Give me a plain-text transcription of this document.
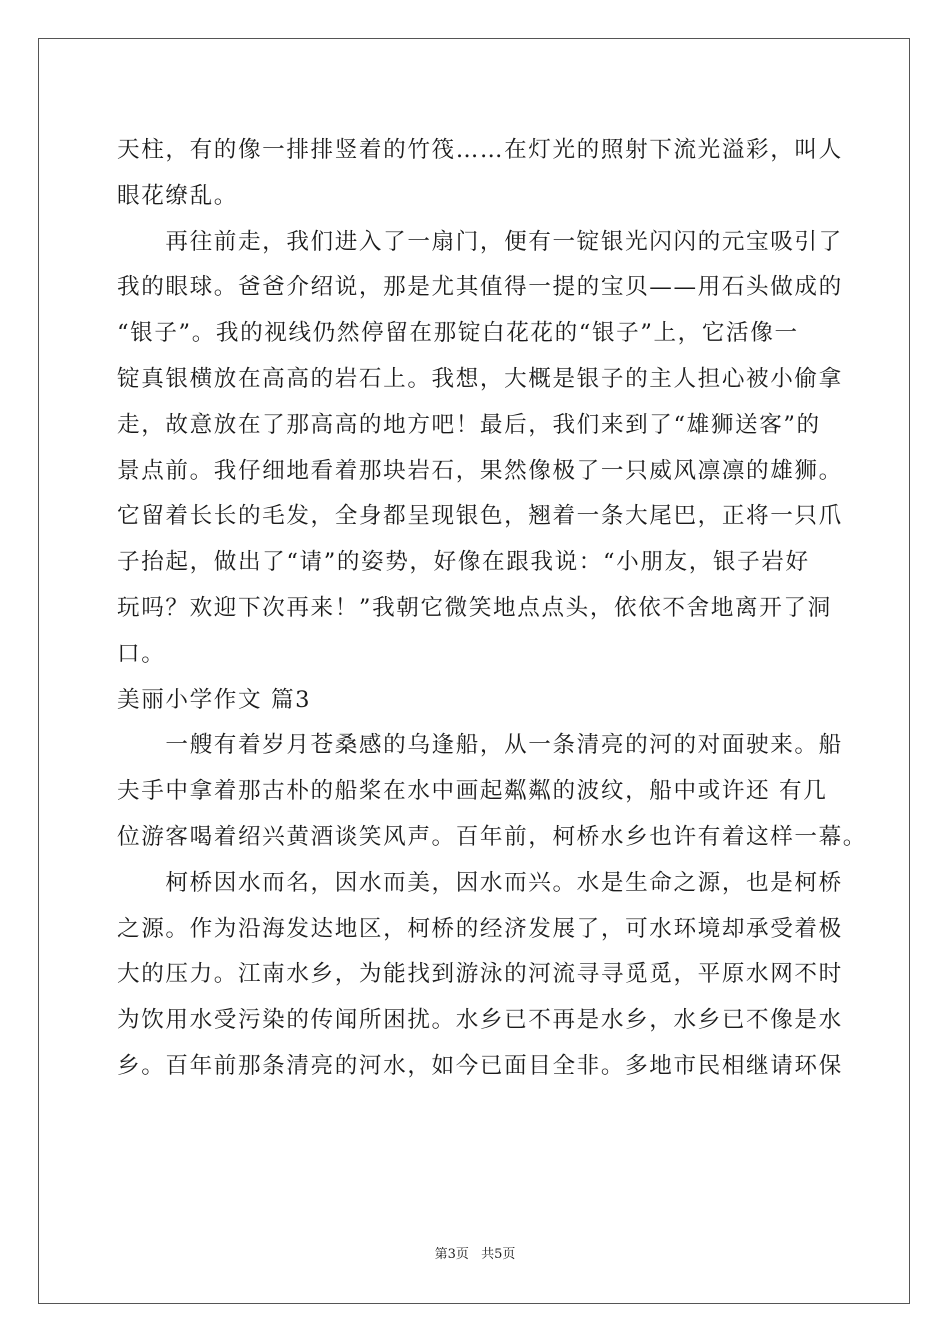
天柱，有的像一排排竖着的竹筏……在灯光的照射下流光溢彩，叫人
眼花缭乱。
　　再往前走，我们进入了一扇门，便有一锭银光闪闪的元宝吸引了
我的眼球。爸爸介绍说，那是尤其值得一提的宝贝——用石头做成的
“银子”。我的视线仍然停留在那锭白花花的“银子”上，它活像一
锭真银横放在高高的岩石上。我想，大概是银子的主人担心被小偷拿
走，故意放在了那高高的地方吧！最后，我们来到了“雄狮送客”的
景点前。我仔细地看着那块岩石，果然像极了一只威风凛凛的雄狮。
它留着长长的毛发，全身都呈现银色，翘着一条大尾巴，正将一只爪
子抬起，做出了“请”的姿势，好像在跟我说：“小朋友，银子岩好
玩吗？欢迎下次再来！”我朝它微笑地点点头，依依不舍地离开了洞
口。
美丽小学作文 篇3
　　一艘有着岁月苍桑感的乌逢船，从一条清亮的河的对面驶来。船
夫手中拿着那古朴的船桨在水中画起粼粼的波纹，船中或许还 有几
位游客喝着绍兴黄酒谈笑风声。百年前，柯桥水乡也许有着这样一幕。
　　柯桥因水而名，因水而美，因水而兴。水是生命之源，也是柯桥
之源。作为沿海发达地区，柯桥的经济发展了，可水环境却承受着极
大的压力。江南水乡，为能找到游泳的河流寻寻觅觅，平原水网不时
为饮用水受污染的传闻所困扰。水乡已不再是水乡，水乡已不像是水
乡。百年前那条清亮的河水，如今已面目全非。多地市民相继请环保
第3页 共5页
